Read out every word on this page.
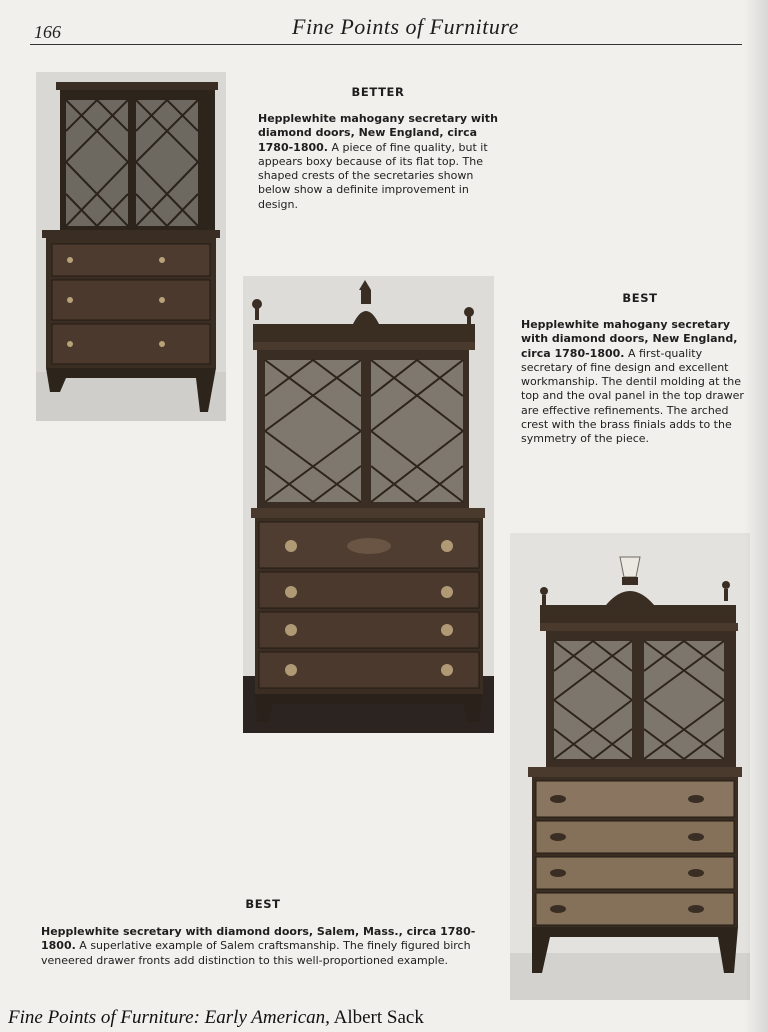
166	Fine Points of Furniture
BETTER
Hepplewhite mahogany secretary with diamond doors, New England, circa 1780-1800. A piece of fine quality, but it appears boxy because of its flat top. The shaped crests of the secretaries shown below show a definite improvement in design.
BEST
Hepplewhite mahogany secretary with diamond doors, New England, circa 1780-1800. A first-quality secretary of fine design and excellent workmanship. The dentil molding at the top and the oval panel in the top drawer are effective refinements. The arched crest with the brass finials adds to the symmetry of the piece.
BEST
Hepplewhite secretary with diamond doors, Salem, Mass., circa 1780-1800. A superlative example of Salem craftsmanship. The finely figured birch veneered drawer fronts add distinction to this well-proportioned example.
Fine Points of Furniture: Early American, Albert Sack
